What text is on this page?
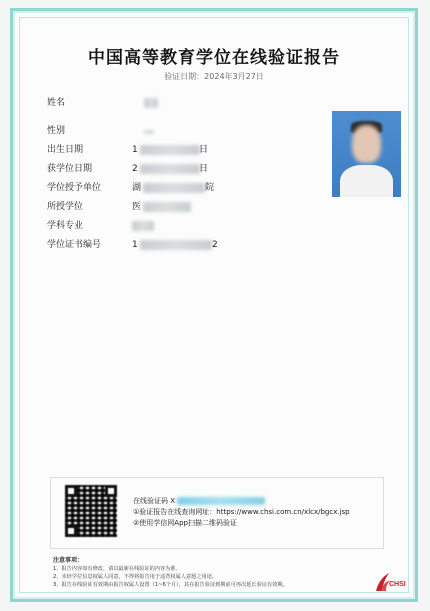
中国高等教育学位在线验证报告
验证日期：2024年3月27日
姓名
性别
出生日期	1	日
获学位日期	2	日
学位授予单位	湖	院
所授学位	医
学科专业
学位证书编号	1	2
在线验证码 X
①验证报告在线查询网址：https://www.chsi.com.cn/xlcx/bgcx.jsp
②使用学信网App扫描二维码验证
注意事项：
1、报告内容如有修改，请以最新在线验证的内容为准。
2、未经学位信息权属人同意，不得将报告用于违背权属人意愿之用途。
3、报告在线验证有效期由报告权属人设置（1~6个月），其在报告验证到期前可再次延长验证有效期。	CHSI
